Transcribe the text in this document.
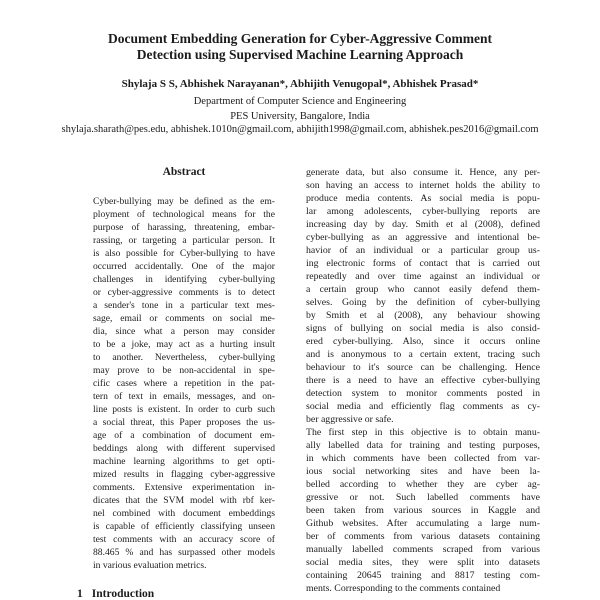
Document Embedding Generation for Cyber-Aggressive Comment
Detection using Supervised Machine Learning Approach
Shylaja S S, Abhishek Narayanan*, Abhijith Venugopal*, Abhishek Prasad*
Department of Computer Science and Engineering
PES University, Bangalore, India
shylaja.sharath@pes.edu, abhishek.1010n@gmail.com, abhijith1998@gmail.com, abhishek.pes2016@gmail.com
Abstract
Cyber-bullying may be defined as the em-
ployment of technological means for the
purpose of harassing, threatening, embar-
rassing, or targeting a particular person. It
is also possible for Cyber-bullying to have
occurred accidentally. One of the major
challenges in identifying cyber-bullying
or cyber-aggressive comments is to detect
a sender's tone in a particular text mes-
sage, email or comments on social me-
dia, since what a person may consider
to be a joke, may act as a hurting insult
to another. Nevertheless, cyber-bullying
may prove to be non-accidental in spe-
cific cases where a repetition in the pat-
tern of text in emails, messages, and on-
line posts is existent. In order to curb such
a social threat, this Paper proposes the us-
age of a combination of document em-
beddings along with different supervised
machine learning algorithms to get opti-
mized results in flagging cyber-aggressive
comments. Extensive experimentation in-
dicates that the SVM model with rbf ker-
nel combined with document embeddings
is capable of efficiently classifying unseen
test comments with an accuracy score of
88.465 % and has surpassed other models
in various evaluation metrics.
1 Introduction
generate data, but also consume it. Hence, any per-
son having an access to internet holds the ability to
produce media contents. As social media is popu-
lar among adolescents, cyber-bullying reports are
increasing day by day. Smith et al (2008), defined
cyber-bullying as an aggressive and intentional be-
havior of an individual or a particular group us-
ing electronic forms of contact that is carried out
repeatedly and over time against an individual or
a certain group who cannot easily defend them-
selves. Going by the definition of cyber-bullying
by Smith et al (2008), any behaviour showing
signs of bullying on social media is also consid-
ered cyber-bullying. Also, since it occurs online
and is anonymous to a certain extent, tracing such
behaviour to it's source can be challenging. Hence
there is a need to have an effective cyber-bullying
detection system to monitor comments posted in
social media and efficiently flag comments as cy-
ber aggressive or safe.
The first step in this objective is to obtain manu-
ally labelled data for training and testing purposes,
in which comments have been collected from var-
ious social networking sites and have been la-
belled according to whether they are cyber ag-
gressive or not. Such labelled comments have
been taken from various sources in Kaggle and
Github websites. After accumulating a large num-
ber of comments from various datasets containing
manually labelled comments scraped from various
social media sites, they were split into datasets
containing 20645 training and 8817 testing com-
ments. Corresponding to the comments contained
